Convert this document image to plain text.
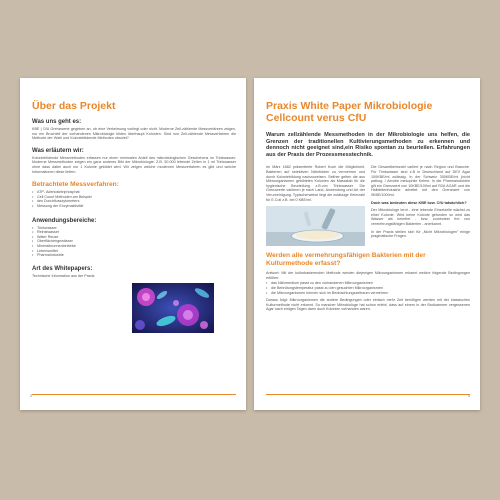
Über das Projekt
Was uns geht es:
KBE | CfU Grenzwerte gegeben an, ob eine Verkeimung vorliegt oder nicht. Moderne Zell-zählende Messverfahren zeigen, nur ein Bruchteil der vorhandenen Mikrobiologie bilden überhaupt Kolonien. Sind nun Zell-zählende Messverfahren die Methode der Wahl und Koloniebildende Methoden obsolet?
Was erläutern wir:
Koloniebildende Messmethoden erfassen nur einen minimalen Anteil des mikrobiologischen Geschehens im Trinkwasser. Moderne Messmethoden zeigen ein ganz anderes Bild der Mikrobiologie. Z.B. 50.000 lebende Zellen in 1 ml Trinkwasser ohne dass dabei auch nur 1 Kolonie gebildet wird. Wir zeigen welche modernen Messverfahren es gibt und welche Informationen diese liefern.
Betrachtete Messverfahren:
• ATP- Adenosintriphosphat
• Cell Count Methoden am Beispiel
• des Durchflusszytometers
• Messung der Enzymaktivität
Anwendungsbereiche:
• Trinkwasser
• Reinstwasser
• Water Reuse
• Oberflächengewässer
• Mineralbrunnenbetriebe
• Lebensmittel
• Pharmaindustrie
Art des Whitepapers:
Technische Information aus der Praxis
2
Praxis White Paper Mikrobiologie
Cellcount verus CfU
Warum zellzählende Messmethoden in der Mikrobiologie uns helfen, die Grenzen der traditionellen Kultivierungsmethoden zu erkennen und dennoch nicht geeignet sind,ein Risiko spontan zu beurteilen. Erfahrungen aus der Praxis der Prozessmesstechnik.
Im März 1882 präsentierte Robert Koch die Möglichkeit, Bakterien auf selektiven Nährböden zu vermehren und durch Koloniebildung nachzuweisen. Seither gelten die aus Mikroorganismen gebildeten Kolonien als Massstab für die hygienische Beurteilung z.B.von Trinkwasser. Die Grenzwerte variieren je nach Land, Anwendung und Art der Verunreinigung. Typischerweise liegt die zulässige Keimzahl für E.Coli z.B. bei 0 KBE/ml.
Die Gesamtkeimzahl variiert je nach Region und Branche. Für Trinkwasser sind z.B in Deutschland auf DEV Agar 100KBE/ml zulässig. In der Schweiz 300KBE/ml (nicht pathog. / Aerobe mesophile Keime. In der Pharmaindustrie gilt ein Grenzwert von 10KBE/100ml auf R2A AGAR und die Halbleiterindustrie arbeitet mit den Grenzwert von 0KBE/1000ml.
Doch was bedeuten diese KBE bzw. CfU tatsächlich?
Der Mikrobiologe lernt - eine lebende Einzelzelle wächst zu einer Kolonie. Wird keine Kolonie gefunden so wird das Wasser als keimfrei - bzw. zumindest frei von vermehrungsfähigen Bakterien - anerkannt.
In der Praxis stellen sich für „Nicht Mikrobiologen" einige pragmatische Fragen.
Werden alle vermehrungsfähigen Bakterien mit der Kulturmethode erfasst?
Antwort: Mit der kulturbasierenden Methode werden diejenigen Mikroorganismen erkannt welche folgende Bedingungen erfüllen:
• das Nährmedium passt zu den vorhandenen Mikroorganismen
• die Bebrütungstemperatur passt zu den gesuchten Mikroorganismen
• die Mikroorganismen können sich im Beobachtungszeitraum vermehren
Daraus folgt: Mikroorganismen die andere Bedingungen oder einfach mehr Zeit benötigen werden mit der klassischen Kulturmethode nicht erkannt. So mancher Mikrobiologe hat schon erlebt, dass auf einem in der Brutkammer vergessenen Agar nach einigen Tagen dann doch Kolonien vorhanden waren.
3
